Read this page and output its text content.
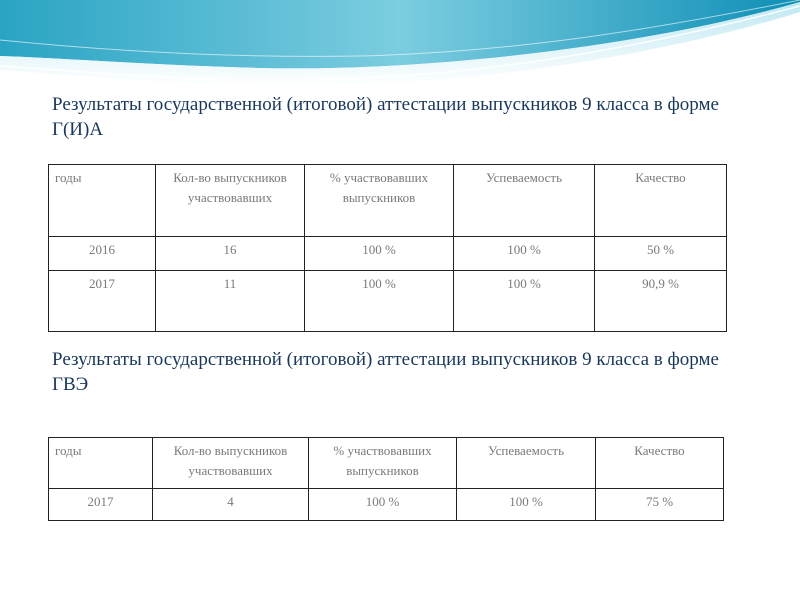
Результаты государственной (итоговой) аттестации выпускников 9 класса в форме Г(И)А
годы	Кол-во выпускников участвовавших	% участвовавших выпускников	Успеваемость	Качество
2016	16	100 %	100 %	50 %
2017	11	100 %	100 %	90,9 %
Результаты государственной (итоговой) аттестации выпускников 9 класса в форме ГВЭ
годы	Кол-во выпускников участвовавших	% участвовавших выпускников	Успеваемость	Качество
2017	4	100 %	100 %	75 %
